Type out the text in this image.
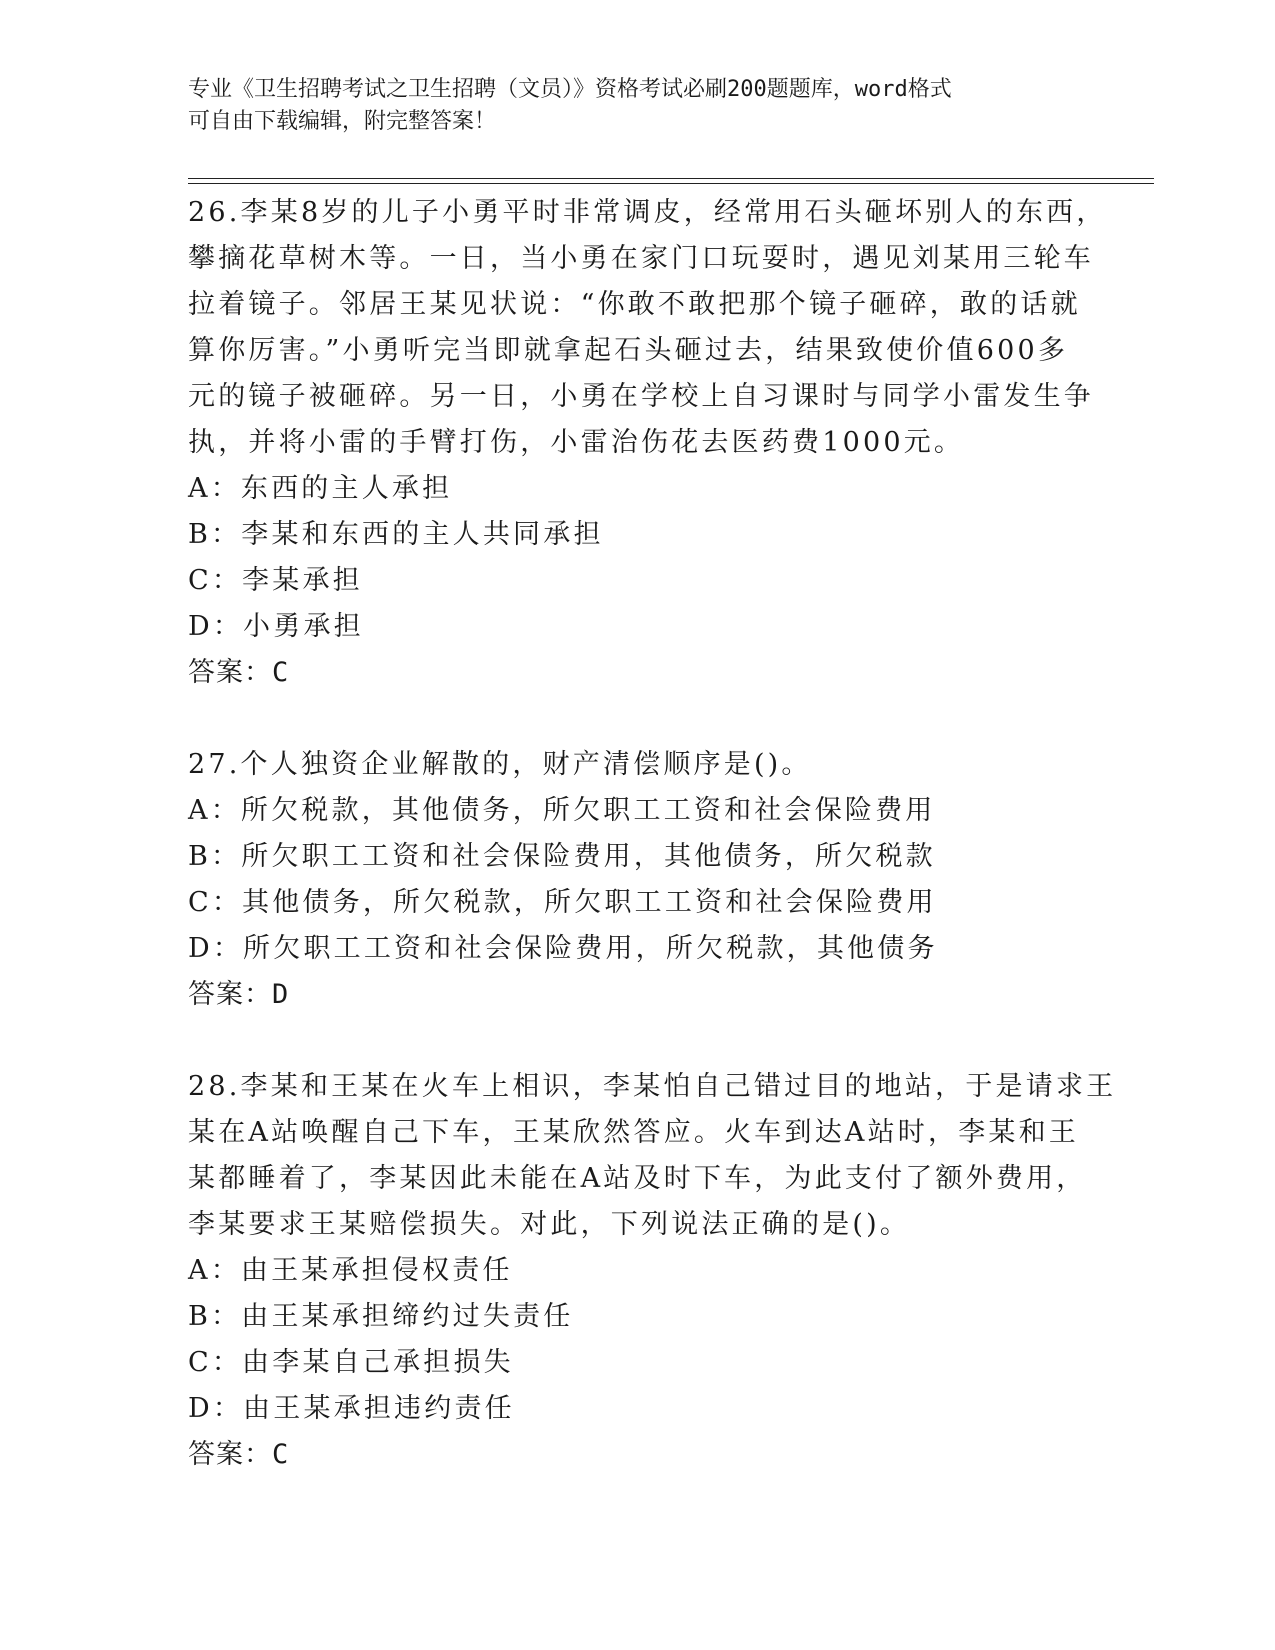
专业《卫生招聘考试之卫生招聘（文员）》资格考试必刷200题题库，word格式
可自由下载编辑，附完整答案！
26.李某8岁的儿子小勇平时非常调皮，经常用石头砸坏别人的东西，
攀摘花草树木等。一日，当小勇在家门口玩耍时，遇见刘某用三轮车
拉着镜子。邻居王某见状说：“你敢不敢把那个镜子砸碎，敢的话就
算你厉害。”小勇听完当即就拿起石头砸过去，结果致使价值600多
元的镜子被砸碎。另一日，小勇在学校上自习课时与同学小雷发生争
执，并将小雷的手臂打伤，小雷治伤花去医药费1000元。
A：东西的主人承担
B：李某和东西的主人共同承担
C：李某承担
D：小勇承担
答案：C
27.个人独资企业解散的，财产清偿顺序是()。
A：所欠税款，其他债务，所欠职工工资和社会保险费用
B：所欠职工工资和社会保险费用，其他债务，所欠税款
C：其他债务，所欠税款，所欠职工工资和社会保险费用
D：所欠职工工资和社会保险费用，所欠税款，其他债务
答案：D
28.李某和王某在火车上相识，李某怕自己错过目的地站，于是请求王
某在A站唤醒自己下车，王某欣然答应。火车到达A站时，李某和王
某都睡着了，李某因此未能在A站及时下车，为此支付了额外费用，
李某要求王某赔偿损失。对此，下列说法正确的是()。
A：由王某承担侵权责任
B：由王某承担缔约过失责任
C：由李某自己承担损失
D：由王某承担违约责任
答案：C
